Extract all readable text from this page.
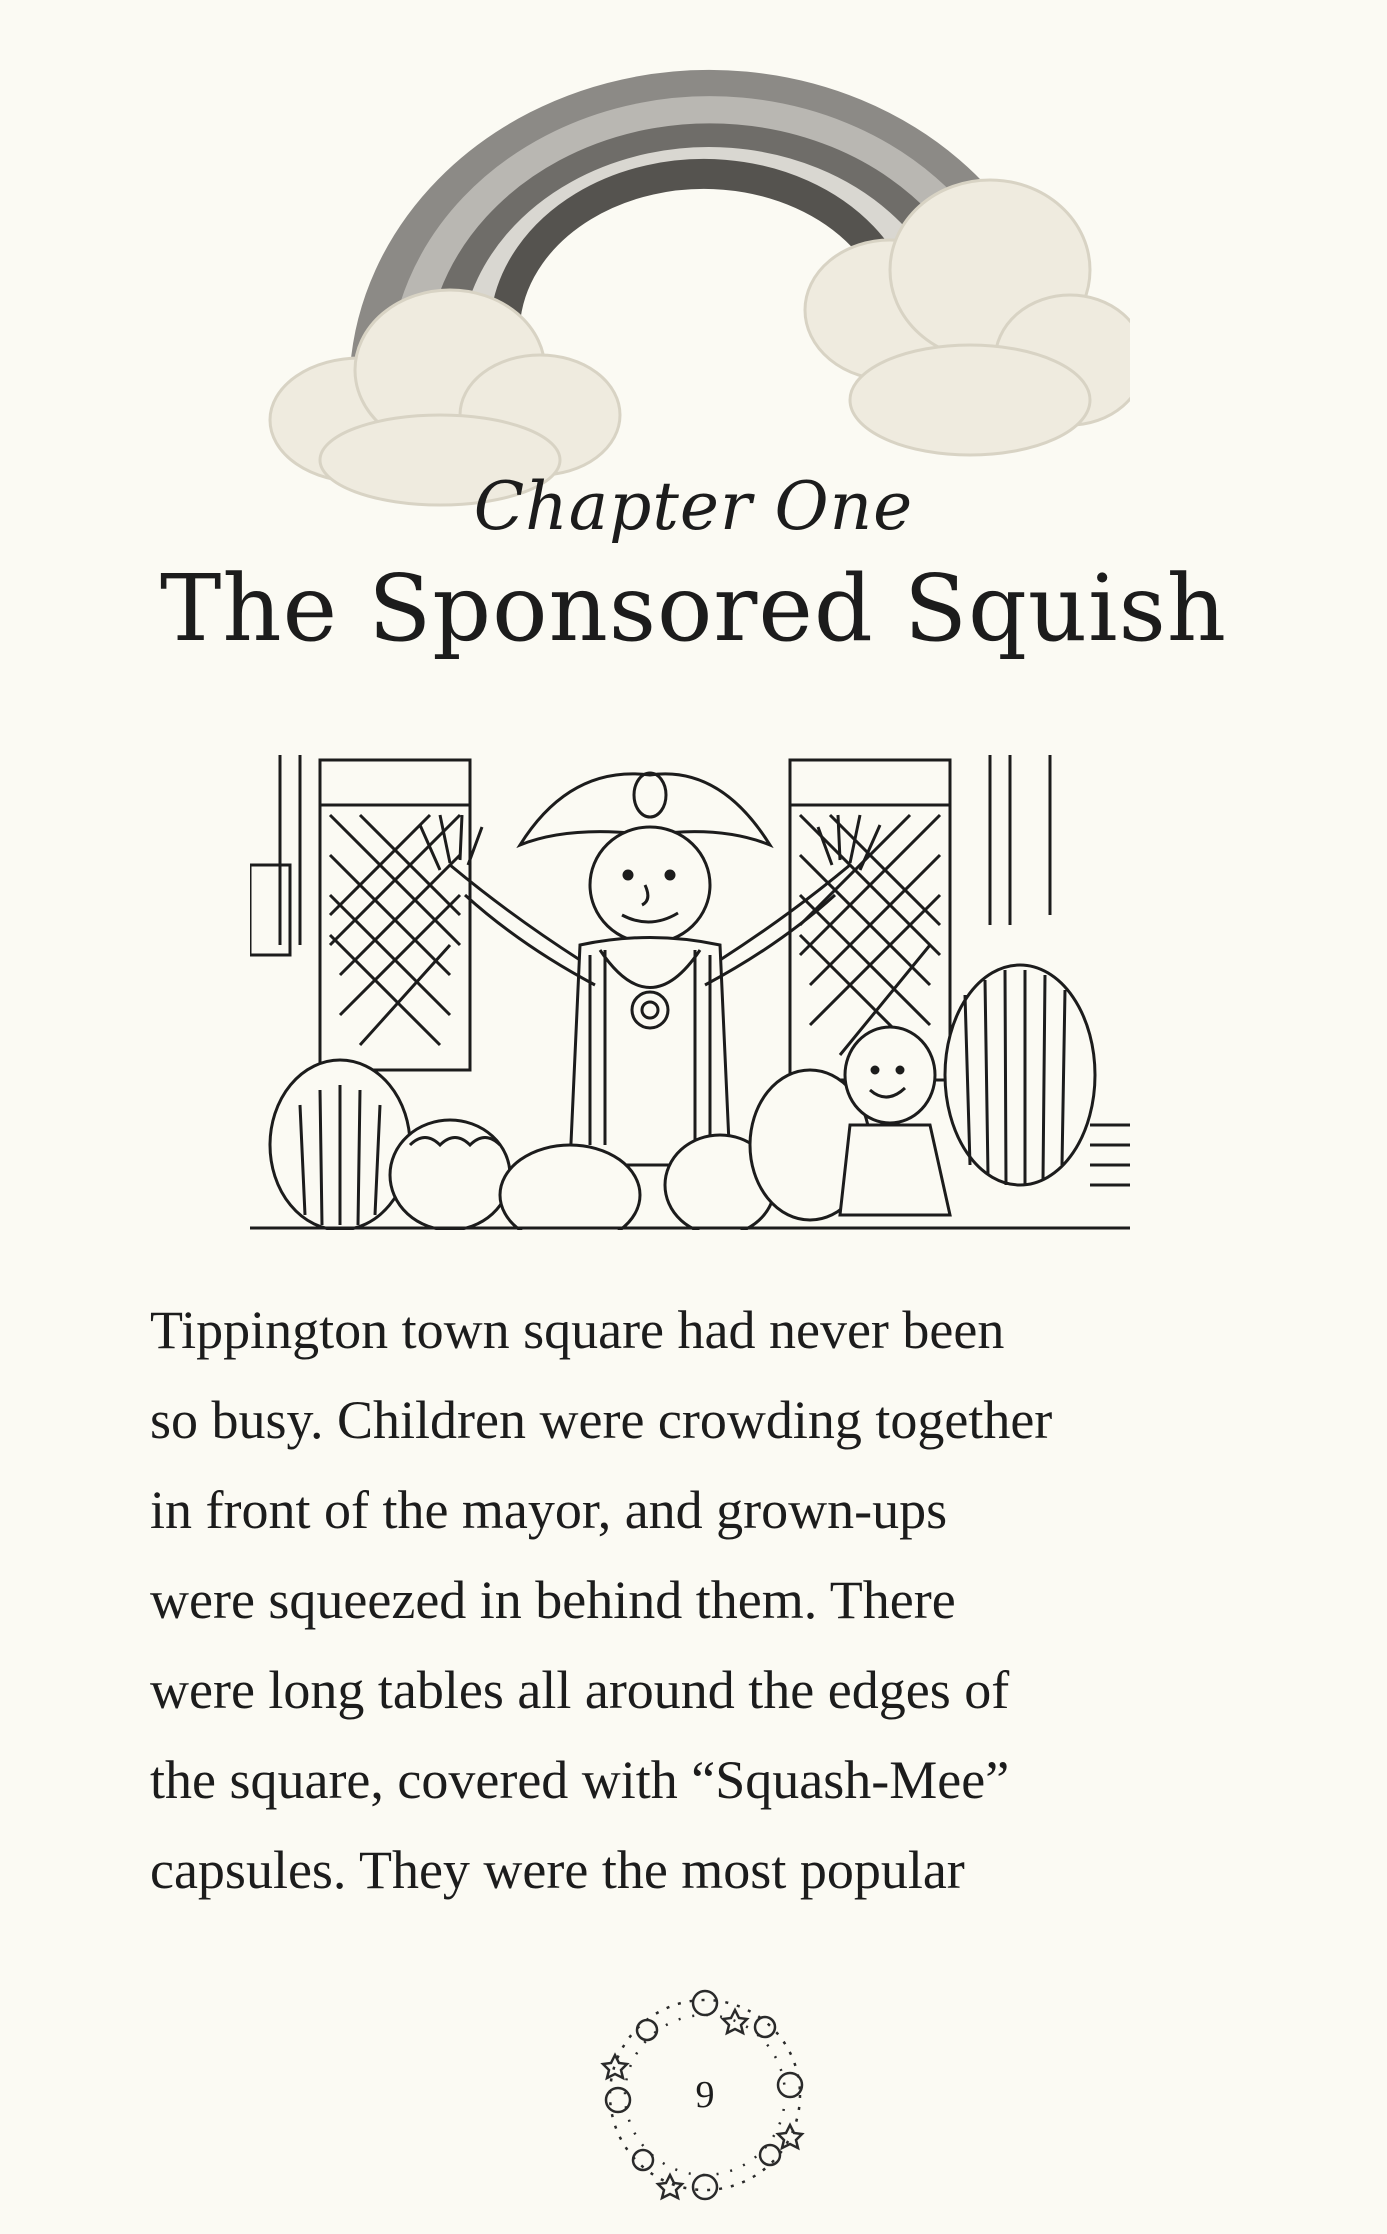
Chapter One
The Sponsored Squish

Tippington town square had never been

so busy. Children were crowding together

in front of the mayor, and grown-ups

were squeezed in behind them. There

were long tables all around the edges of

the square, covered with “Squash-Mee”

capsules. They were the most popular

9
